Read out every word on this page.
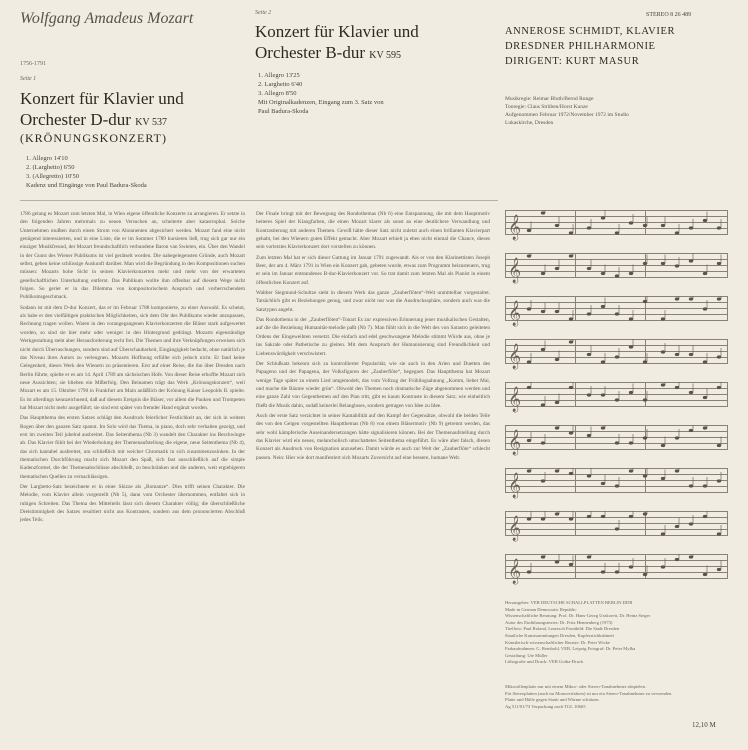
Wolfgang Amadeus Mozart
1756-1791
Seite 1
Konzert für Klavier und
Orchester D-dur KV 537
(KRÖNUNGSKONZERT)
1. Allegro 14'10
2. (Larghetto) 6'50
3. (Allegretto) 10'50
Kadenz und Eingänge von Paul Badura-Skoda
Seite 2
Konzert für Klavier und
Orchester B-dur KV 595
1. Allegro 13'25
2. Larghetto 6'40
3. Allegro 8'50
Mit Originalkadenzen, Eingang zum 3. Satz von
Paul Badura-Skoda
STEREO 8 26 489
ANNEROSE SCHMIDT, KLAVIER
DRESDNER PHILHARMONIE
DIRIGENT: KURT MASUR
Musikregie: Reimar Bluth/Bernd Runge
Tonregie: Claus Strüben/Horst Kunze
Aufgenommen Februar 1972/November 1972 im Studio
Lukaskirche, Dresden

1786 gelang es Mozart zum letzten Mal, in Wien eigene öffentliche Konzerte zu arrangieren. Er setzte in den folgenden Jahren mehrmals zu neuen Versuchen an, scheiterte aber katastrophal. Solche Unternehmen mußten durch einen Strom von Abonnenten abgesichert werden. Mozart fand eine nicht genügend interessierten, und in eine Liste, die er im Sommer 1789 kursieren ließ, trug sich gar nur ein einziger Musikfreund, der Mozart freundschaftlich verbundene Baron van Swieten, ein. Über den Wandel in der Gunst des Wiener Publikums ist viel gerätselt worden. Die nahegelegensten Gründe, auch Mozart selbst, geben keine schlüssige Auskunft darüber. Man wird die Begründung in den Kompositionen suchen müssen: Mozarts hohe Sicht in seinen Klavierkonzerten mehr und mehr von der erwarteten gesellschaftlichen Unterhaltung entfernt. Das Publikum wollte ihm offenbar auf diesem Wege nicht folgen. So geriet er in das Dilemma von kompositorischem Anspruch und vorherrschendem Publikumsgeschmack.

Sodann ist mit dem D-dur Konzert, das er im Februar 1788 komponierte, zu einer Auswahl. Es scheint, als habe er den vielfältigen praktischen Möglichkeiten, sich dem Ohr des Publikums wieder anzupassen, Rechnung tragen wollen. Waren in den vorangegangenen Klavierkonzerten die Bläser stark aufgewertet worden, so sind sie hier mehr oder weniger in den Hintergrund gedrängt. Mozarts eigenständige Werkgestaltung steht aber Herausforderung recht frei. Die Themen und ihre Verknüpfungen erweisen sich nicht durch Überraschungen, sondern sind auf Überschaubarkeit, Eingängigkeit bedacht, ohne natürlich je das Niveau ihres Autors zu verleugnen. Mozarts Hoffnung erfüllte sich jedoch nicht. Er fand keine Gelegenheit, dieses Werk den Wienern zu präsentieren. Erst auf einer Reise, die ihn über Dresden nach Berlin führte, spielte er es am 14. April 1789 am sächsischen Hofe. Von dieser Reise erhoffte Mozart sich neue Aussichten; sie blieben ein Mißerfolg. Den Beinamen trägt das Werk „Krönungskonzert“, weil Mozart es am 15. Oktober 1790 in Frankfurt am Main anläßlich der Krönung Kaiser Leopolds II. spielte. Es ist allerdings kennzeichnend, daß auf diesem Ereignis die Bläser, vor allem die Pauken und Trompeten hat Mozart nicht mehr ausgeführt; sie sind erst später von fremder Hand ergänzt worden.

Das Hauptthema des ersten Satzes schlägt den Ausdruck feierlicher Festlichkeit an, der sich in weitem Bogen über den ganzen Satz spannt. Im Solo wird das Thema, in piano, doch sehr verhalten gezeigt, und erst im zweiten Teil jubelnd ausbreitet. Das Seitenthema (Nb 3) wandelt den Charakter ins Beschwingte ab. Das Klavier fühlt bei der Wiederholung der Themenaufstellung die eigene, neue Seitenthema (Nb 4), das sich kantabel ausbreitet, um schließlich mit weicher Chromatik in sich zusammenzusinken. In der thematischen Durchführung macht sich Mozart den Spaß, sich fast ausschließlich auf die simple Kadenzformel, die der Themenabschlüsse abschließt, zu beschränken und die anderen, weit ergiebigeren thematischen Quellen zu vernachlässigen.

Der Larghetto-Satz bezeichnete er in einer Skizze als „Romanze“. Dies trifft seinen Charakter. Die Melodie, vom Klavier allein vorgestellt (Nb 5), dann vom Orchester übernommen, entfaltet sich in ruhigen Schreiten. Das Thema des Mittelteils lässt sich diesem Charakter völlig; die überschließliche Dreistimmigkeit des Satzes resultiert nicht aus Kontrasten, sondern aus dem prononcierten Abschluß jedes Teils.

Der Finale bringt mit der Bewegung des Rondothemas (Nb 6) eine Entspannung, die mit dem Hauptmotiv heiteres Spiel der Klangfarben, die einen Mozart klarer als sonst an eine deutlichere Verwandlung und Kontrastierung mit anderen Themen. Gewiß hätte dieser Satz nicht zuletzt auch einen brillanten Klavierpart gehabt, bei den Wienern guten Effekt gemacht. Aber Mozart erhielt ja eben nicht einmal die Chance, dieses sein vorletztes Klavierkonzert dort vorstellen zu können.

Zum letzten Mal hat er sich dieser Gattung im Januar 1791 zugewandt. Als er von den Klarinettisten Joseph Beer, der am 4. März 1791 in Wien ein Konzert gab, gebeten wurde, etwas zum Programm beizusteuern, trug er sein im Januar entstandenes B-dur-Klavierkonzert vor. So trat damit zum letzten Mal als Pianist in einem öffentlichen Konzert auf.

Walther Siegmund-Schultze sieht in diesem Werk das ganze „Zauberflöten“-Welt unmittelbar vorgestaltet. Tatsächlich gibt es Beziehungen genug, und zwar nicht nur was die Ausdruckssphäre, sondern auch was die Satztypen angeht.

Das Rondothema in der „Zauberflöten“-Tonart Es zur expressiven Erinnerung jener musikalischen Gestalten, auf die die Beziehung Humanität-melodie paßt (Nb 7). Man fühlt sich in die Welt des von Sarastro geleiteten Ordens der Eingeweihten versetzt. Die einfach und edel geschwungene Melodie stimmt Würde aus, ohne je ins Sakrale oder Pathetische zu gleiten. Mit dem Anspruch der Humanisierung sind Freundlichkeit und Liebenswürdigkeit verschwistert.

Der Schlußsatz bekennt sich zu kontrollierter Popularität, wie sie auch in den Arien und Duetten des Papageno und der Papagena, der Volksfiguren der „Zauberflöte“, begegnet. Das Hauptthema hat Mozart wenige Tage später zu einem Lied umgemodelt, das vom Vollzug der Frühlingsahnung „Komm, lieber Mai, und mache die Bäume wieder grün“. Obwohl den Themen noch dramatische Züge abgenommen werden und eine ganze Zahl von Gegenthemen auf den Plan tritt, gibt es kaum Kontraste in diesem Satz; wie einheitlich fließt die Musik dahin, sodaß keinerlei Belangloses, sondern getragen von Idee zu Idee.

Auch der erste Satz verzichtet in seiner Kantabilität auf den Kampf der Gegensätze, obwohl die beiden Teile des von den Geigen vorgestellten Hauptthemas (Nb 8) von einem Bläsermotiv (Nb 9) getrennt werden, das sehr wohl kämpferische Auseinandersetzungen hätte signalisieren können. Bei der Themenaufstellung durch das Klavier wird ein neues, melancholisch umschattetes Seitenthema eingeführt. Es wäre aber falsch, diesen Konzert als Ausdruck von Resignation anzusehen. Damit würde es auch zur Welt der „Zauberflöte“ schlecht passen. Nein: Hier wie dort manifestiert sich Mozarts Zuversicht auf eine bessere, humane Welt.

𝄞
𝄞
𝄞
𝄞
𝄞
𝄞
𝄞
𝄞
𝄞
Herausgeber: VEB DEUTSCHE SCHALLPLATTEN BERLIN DDR
Made in German Democratic Republic
Wissenschaftliche Beratung: Prof. Dr. Hans-Georg Uszkoreit, Dr. Heinz Sieger
Autor des Einführungstextes: Dr. Fritz Hennenberg (1973)
Titelfoto: Paul Roland, Leutzsch Frontbild: Die Stadt Dresden
Staatliche Kunstsammlungen Dresden, Kupferstichkabinett
Künstlerisch-wissenschaftlicher Berater: Dr. Peter Wicke
Farbaufnahmen: G. Reinhold, VEB, Leipzig Fotograf: Dr. Peter Mylka
Gestaltung: Ute Müller
Lithografie und Druck: VEB Gotha-Druck
Mikrorillenplatte nur mit einem Mikro- oder Stereo-Tonabnehmer abspielen.
Für Stereoplatten (auch im Monoverfahren) ist nur ein Stereo-Tonabnehmer zu verwenden.
Platte und Hülle gegen Staub und Wärme schützen.
Ag 511/01/73 Verpackung nach TGL 10665
12,10 M
